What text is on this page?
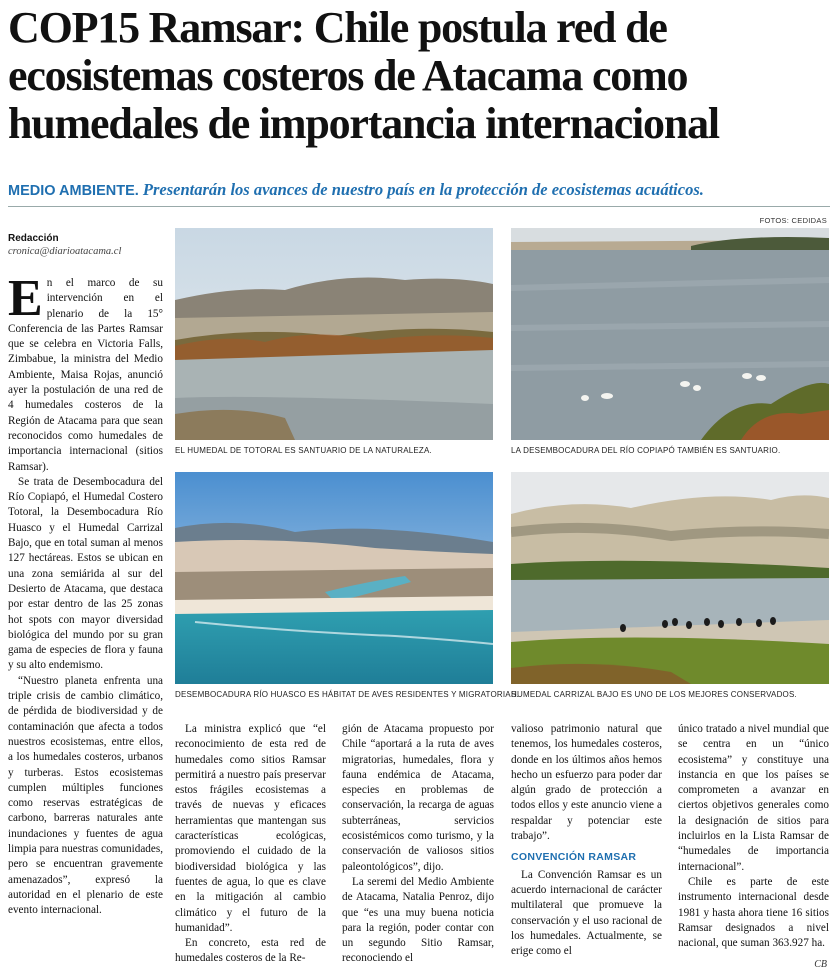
COP15 Ramsar: Chile postula red de ecosistemas costeros de Atacama como humedales de importancia internacional
MEDIO AMBIENTE. Presentarán los avances de nuestro país en la protección de ecosistemas acuáticos.
FOTOS: CEDIDAS
Redacción
cronica@diarioatacama.cl
EL HUMEDAL DE TOTORAL ES SANTUARIO DE LA NATURALEZA.	LA DESEMBOCADURA DEL RÍO COPIAPÓ TAMBIÉN ES SANTUARIO.
DESEMBOCADURA RÍO HUASCO ES HÁBITAT DE AVES RESIDENTES Y MIGRATORIAS.
HUMEDAL CARRIZAL BAJO ES UNO DE LOS MEJORES CONSERVADOS.

En el marco de su intervención en el plenario de la 15° Conferencia de las Partes Ramsar que se celebra en Victoria Falls, Zimbabue, la ministra del Medio Ambiente, Maisa Rojas, anunció ayer la postulación de una red de 4 humedales costeros de la Región de Atacama para que sean reconocidos como humedales de importancia internacional (sitios Ramsar).

Se trata de Desembocadura del Río Copiapó, el Humedal Costero Totoral, la Desembocadura Río Huasco y el Humedal Carrizal Bajo, que en total suman al menos 127 hectáreas. Estos se ubican en una zona semiárida al sur del Desierto de Atacama, que destaca por estar dentro de las 25 zonas hot spots con mayor diversidad biológica del mundo por su gran gama de especies de flora y fauna y su alto endemismo.

“Nuestro planeta enfrenta una triple crisis de cambio climático, de pérdida de biodiversidad y de contaminación que afecta a todos nuestros ecosistemas, entre ellos, a los humedales costeros, urbanos y turberas. Estos ecosistemas cumplen múltiples funciones como reservas estratégicas de carbono, barreras naturales ante inundaciones y fuentes de agua limpia para nuestras comunidades, pero se encuentran gravemente amenazados”, expresó la autoridad en el plenario de este evento internacional.

La ministra explicó que “el reconocimiento de esta red de humedales como sitios Ramsar permitirá a nuestro país preservar estos frágiles ecosistemas a través de nuevas y eficaces herramientas que mantengan sus características ecológicas, promoviendo el cuidado de la biodiversidad biológica y las fuentes de agua, lo que es clave en la mitigación al cambio climático y el futuro de la humanidad”.

En concreto, esta red de humedales costeros de la Re-

gión de Atacama propuesto por Chile “aportará a la ruta de aves migratorias, humedales, flora y fauna endémica de Atacama, especies en problemas de conservación, la recarga de aguas subterráneas, servicios ecosistémicos como turismo, y la conservación de valiosos sitios paleontológicos”, dijo.

La seremi del Medio Ambiente de Atacama, Natalia Penroz, dijo que “es una muy buena noticia para la región, poder contar con un segundo Sitio Ramsar, reconociendo el

valioso patrimonio natural que tenemos, los humedales costeros, donde en los últimos años hemos hecho un esfuerzo para poder dar algún grado de protección a todos ellos y este anuncio viene a respaldar y potenciar este trabajo”.

CONVENCIÓN RAMSAR

La Convención Ramsar es un acuerdo internacional de carácter multilateral que promueve la conservación y el uso racional de los humedales. Actualmente, se erige como el

único tratado a nivel mundial que se centra en un “único ecosistema” y constituye una instancia en que los países se comprometen a avanzar en ciertos objetivos generales como la designación de sitios para incluirlos en la Lista Ramsar de “humedales de importancia internacional”.

Chile es parte de este instrumento internacional desde 1981 y hasta ahora tiene 16 sitios Ramsar designados a nivel nacional, que suman 363.927 ha.

CB
